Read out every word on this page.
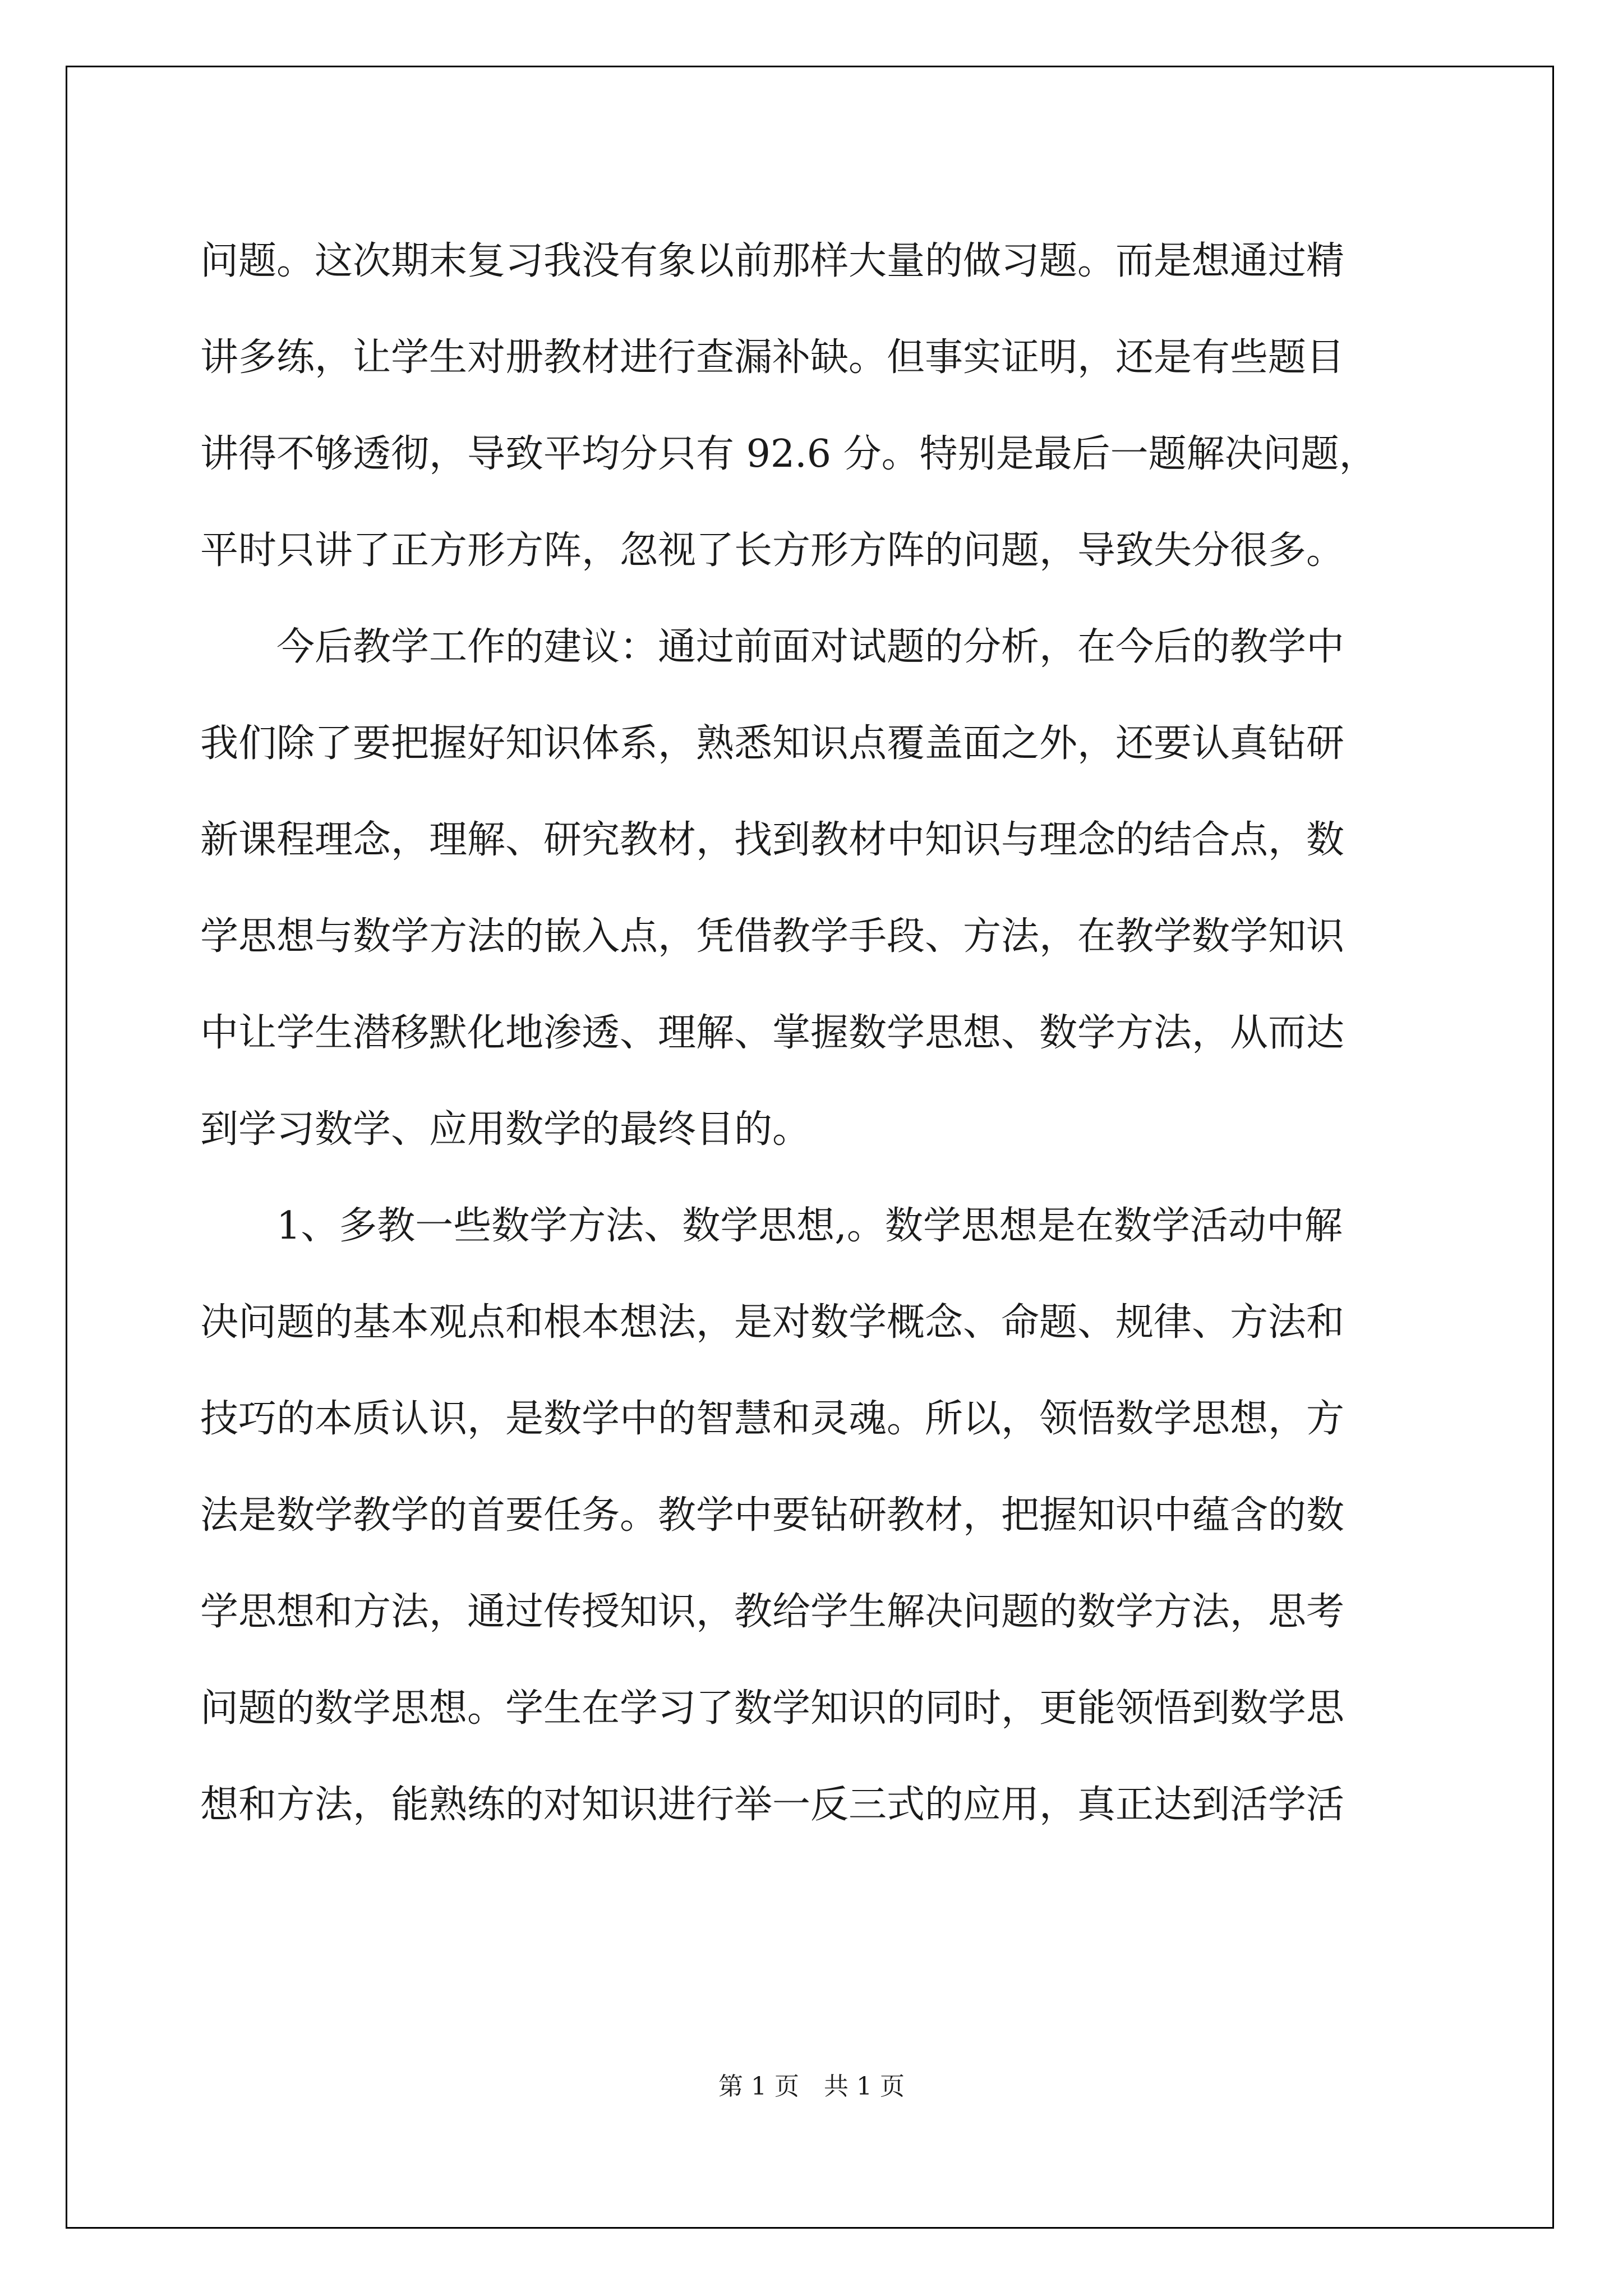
问题。这次期末复习我没有象以前那样大量的做习题。而是想通过精
讲多练，让学生对册教材进行查漏补缺。但事实证明，还是有些题目
讲得不够透彻，导致平均分只有 92.6 分。特别是最后一题解决问题，
平时只讲了正方形方阵，忽视了长方形方阵的问题，导致失分很多。
今后教学工作的建议：通过前面对试题的分析，在今后的教学中
我们除了要把握好知识体系，熟悉知识点覆盖面之外，还要认真钻研
新课程理念，理解、研究教材，找到教材中知识与理念的结合点，数
学思想与数学方法的嵌入点，凭借教学手段、方法，在教学数学知识
中让学生潜移默化地渗透、理解、掌握数学思想、数学方法，从而达
到学习数学、应用数学的最终目的。
1、多教一些数学方法、数学思想,。数学思想是在数学活动中解
决问题的基本观点和根本想法，是对数学概念、命题、规律、方法和
技巧的本质认识，是数学中的智慧和灵魂。所以，领悟数学思想，方
法是数学教学的首要任务。教学中要钻研教材，把握知识中蕴含的数
学思想和方法，通过传授知识，教给学生解决问题的数学方法，思考
问题的数学思想。学生在学习了数学知识的同时，更能领悟到数学思
想和方法，能熟练的对知识进行举一反三式的应用，真正达到活学活
第 1 页　共 1 页
